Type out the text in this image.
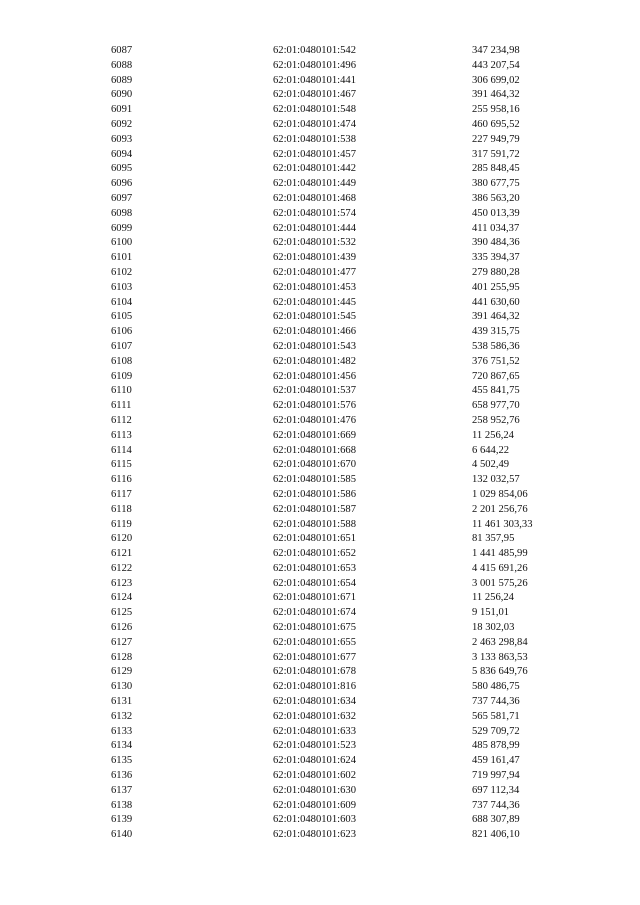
6087	62:01:0480101:542	347 234,98
6088	62:01:0480101:496	443 207,54
6089	62:01:0480101:441	306 699,02
6090	62:01:0480101:467	391 464,32
6091	62:01:0480101:548	255 958,16
6092	62:01:0480101:474	460 695,52
6093	62:01:0480101:538	227 949,79
6094	62:01:0480101:457	317 591,72
6095	62:01:0480101:442	285 848,45
6096	62:01:0480101:449	380 677,75
6097	62:01:0480101:468	386 563,20
6098	62:01:0480101:574	450 013,39
6099	62:01:0480101:444	411 034,37
6100	62:01:0480101:532	390 484,36
6101	62:01:0480101:439	335 394,37
6102	62:01:0480101:477	279 880,28
6103	62:01:0480101:453	401 255,95
6104	62:01:0480101:445	441 630,60
6105	62:01:0480101:545	391 464,32
6106	62:01:0480101:466	439 315,75
6107	62:01:0480101:543	538 586,36
6108	62:01:0480101:482	376 751,52
6109	62:01:0480101:456	720 867,65
6110	62:01:0480101:537	455 841,75
6111	62:01:0480101:576	658 977,70
6112	62:01:0480101:476	258 952,76
6113	62:01:0480101:669	11 256,24
6114	62:01:0480101:668	6 644,22
6115	62:01:0480101:670	4 502,49
6116	62:01:0480101:585	132 032,57
6117	62:01:0480101:586	1 029 854,06
6118	62:01:0480101:587	2 201 256,76
6119	62:01:0480101:588	11 461 303,33
6120	62:01:0480101:651	81 357,95
6121	62:01:0480101:652	1 441 485,99
6122	62:01:0480101:653	4 415 691,26
6123	62:01:0480101:654	3 001 575,26
6124	62:01:0480101:671	11 256,24
6125	62:01:0480101:674	9 151,01
6126	62:01:0480101:675	18 302,03
6127	62:01:0480101:655	2 463 298,84
6128	62:01:0480101:677	3 133 863,53
6129	62:01:0480101:678	5 836 649,76
6130	62:01:0480101:816	580 486,75
6131	62:01:0480101:634	737 744,36
6132	62:01:0480101:632	565 581,71
6133	62:01:0480101:633	529 709,72
6134	62:01:0480101:523	485 878,99
6135	62:01:0480101:624	459 161,47
6136	62:01:0480101:602	719 997,94
6137	62:01:0480101:630	697 112,34
6138	62:01:0480101:609	737 744,36
6139	62:01:0480101:603	688 307,89
6140	62:01:0480101:623	821 406,10
